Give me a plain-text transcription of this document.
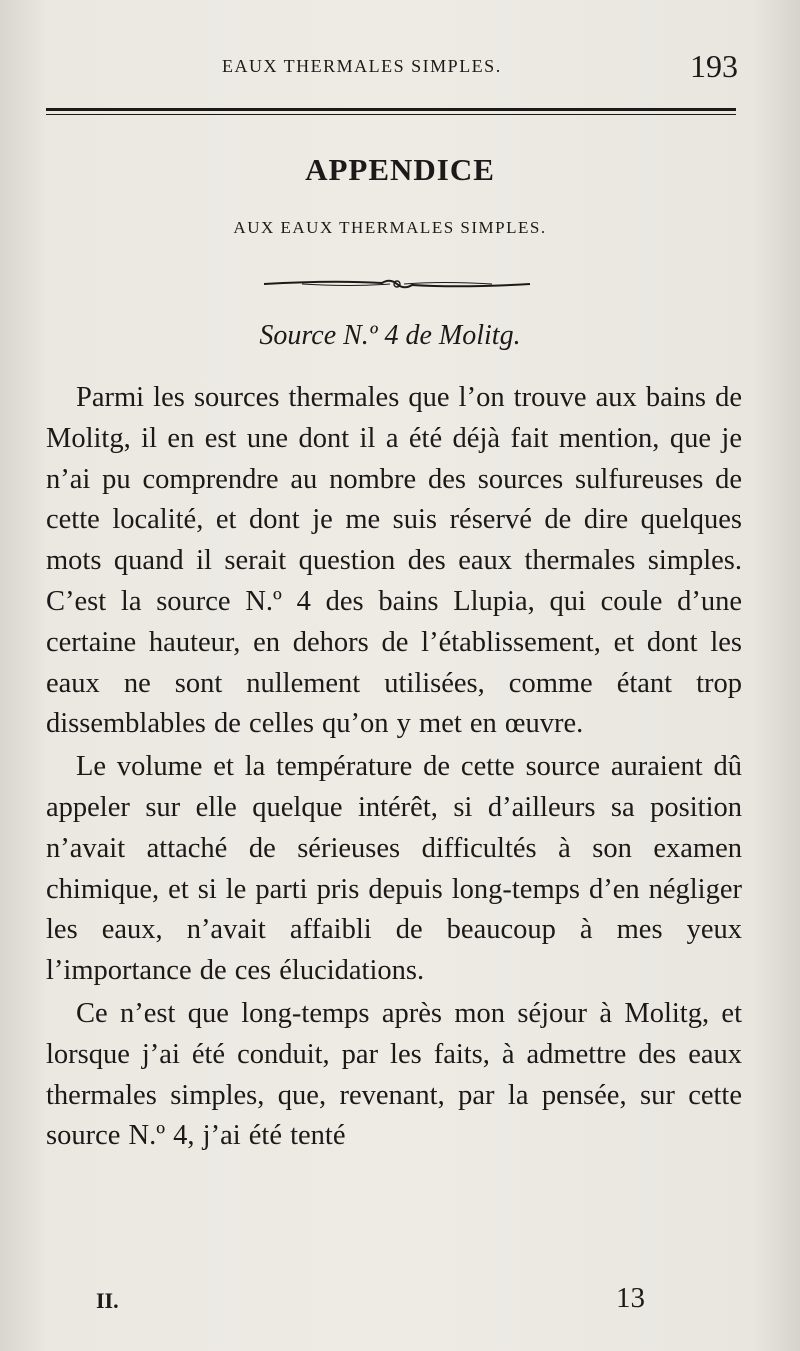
EAUX THERMALES SIMPLES.	193
APPENDICE
AUX EAUX THERMALES SIMPLES.
Source N.º 4 de Molitg.

Parmi les sources thermales que l’on trouve aux bains de Molitg, il en est une dont il a été déjà fait mention, que je n’ai pu comprendre au nombre des sources sulfureuses de cette localité, et dont je me suis réservé de dire quelques mots quand il serait question des eaux thermales simples. C’est la source N.º 4 des bains Llupia, qui coule d’une certaine hauteur, en dehors de l’établissement, et dont les eaux ne sont nullement utilisées, comme étant trop dissemblables de celles qu’on y met en œuvre.

Le volume et la température de cette source auraient dû appeler sur elle quelque intérêt, si d’ailleurs sa position n’avait attaché de sérieuses difficultés à son examen chimique, et si le parti pris depuis long-temps d’en négliger les eaux, n’avait affaibli de beaucoup à mes yeux l’importance de ces élucidations.

Ce n’est que long-temps après mon séjour à Molitg, et lorsque j’ai été conduit, par les faits, à admettre des eaux thermales simples, que, revenant, par la pensée, sur cette source N.º 4, j’ai été tenté

II.	13
